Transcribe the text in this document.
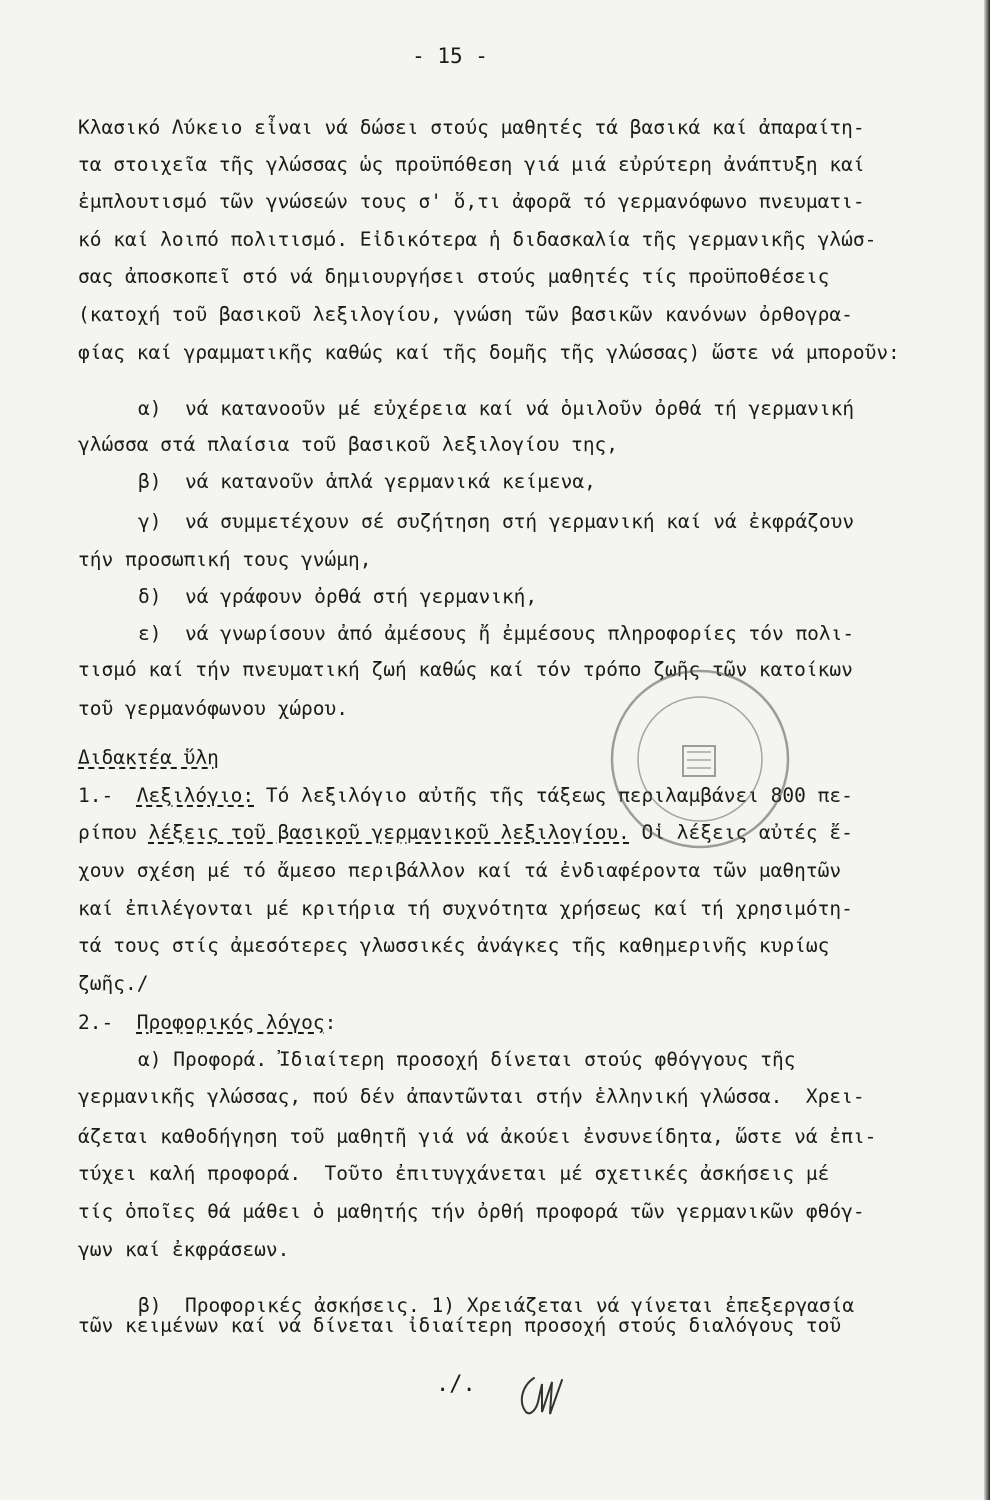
- 15 -

Κλασικό Λύκειο εἶναι νά δώσει στούς μαθητές τά βασικά καί ἀπαραίτη-
τα στοιχεῖα τῆς γλώσσας ὡς προϋπόθεση γιά μιά εὐρύτερη ἀνάπτυξη καί
ἐμπλουτισμό τῶν γνώσεών τους σ' ὅ,τι ἀφορᾶ τό γερμανόφωνο πνευματι-
κό καί λοιπό πολιτισμό. Εἰδικότερα ἡ διδασκαλία τῆς γερμανικῆς γλώσ-
σας ἀποσκοπεῖ στό νά δημιουργήσει στούς μαθητές τίς προϋποθέσεις
(κατοχή τοῦ βασικοῦ λεξιλογίου, γνώση τῶν βασικῶν κανόνων ὀρθογρα-
φίας καί γραμματικῆς καθώς καί τῆς δομῆς τῆς γλώσσας) ὥστε νά μποροῦν:
α)  νά κατανοοῦν μέ εὐχέρεια καί νά ὁμιλοῦν ὀρθά τή γερμανική
γλώσσα στά πλαίσια τοῦ βασικοῦ λεξιλογίου της,
β)  νά κατανοῦν ἁπλά γερμανικά κείμενα,
γ)  νά συμμετέχουν σέ συζήτηση στή γερμανική καί νά ἐκφράζουν
τήν προσωπική τους γνώμη,
δ)  νά γράφουν ὀρθά στή γερμανική,
ε)  νά γνωρίσουν ἀπό ἀμέσους ἤ ἐμμέσους πληροφορίες τόν πολι-
τισμό καί τήν πνευματική ζωή καθώς καί τόν τρόπο ζωῆς τῶν κατοίκων
τοῦ γερμανόφωνου χώρου.
Διδακτέα ὕλη
1.- Λεξιλόγιο: Τό λεξιλόγιο αὐτῆς τῆς τάξεως περιλαμβάνει 800 πε-
ρίπου λέξεις τοῦ βασικοῦ γερμανικοῦ λεξιλογίου. Οἱ λέξεις αὐτές ἔ-
χουν σχέση μέ τό ἄμεσο περιβάλλον καί τά ἐνδιαφέροντα τῶν μαθητῶν
καί ἐπιλέγονται μέ κριτήρια τή συχνότητα χρήσεως καί τή χρησιμότη-
τά τους στίς ἀμεσότερες γλωσσικές ἀνάγκες τῆς καθημερινῆς κυρίως
ζωῆς./
2.- Προφορικός λόγος:
α) Προφορά. Ἰδιαίτερη προσοχή δίνεται στούς φθόγγους τῆς
γερμανικῆς γλώσσας, πού δέν ἀπαντῶνται στήν ἑλληνική γλώσσα.  Χρει-
άζεται καθοδήγηση τοῦ μαθητῆ γιά νά ἀκούει ἐνσυνείδητα, ὥστε νά ἐπι-
τύχει καλή προφορά.  Τοῦτο ἐπιτυγχάνεται μέ σχετικές ἀσκήσεις μέ
τίς ὁποῖες θά μάθει ὁ μαθητής τήν ὀρθή προφορά τῶν γερμανικῶν φθόγ-
γων καί ἐκφράσεων.
β)  Προφορικές ἀσκήσεις. 1) Χρειάζεται νά γίνεται ἐπεξεργασία
τῶν κειμένων καί νά δίνεται ἰδιαίτερη προσοχή στούς διαλόγους τοῦ
./.
